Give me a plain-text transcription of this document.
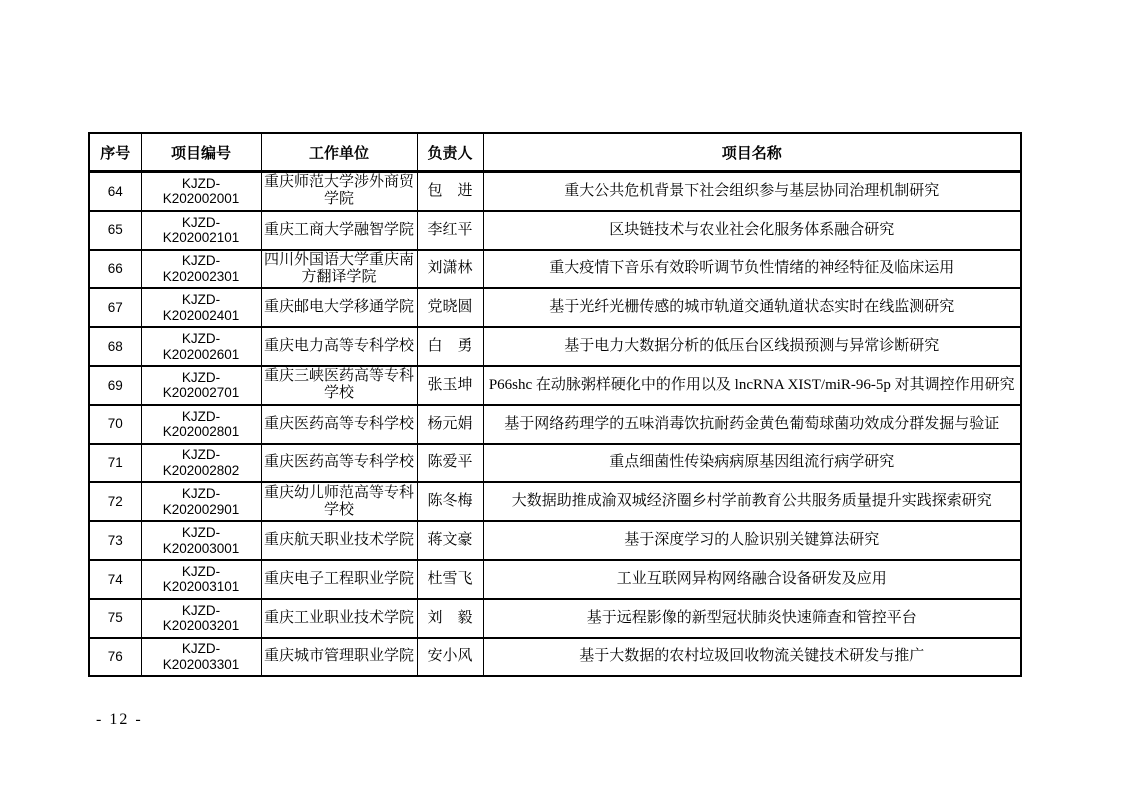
序号	项目编号	工作单位	负责人	项目名称
64	KJZD-K202002001	重庆师范大学涉外商贸学院	包　进	重大公共危机背景下社会组织参与基层协同治理机制研究
65	KJZD-K202002101	重庆工商大学融智学院	李红平	区块链技术与农业社会化服务体系融合研究
66	KJZD-K202002301	四川外国语大学重庆南方翻译学院	刘潇林	重大疫情下音乐有效聆听调节负性情绪的神经特征及临床运用
67	KJZD-K202002401	重庆邮电大学移通学院	党晓圆	基于光纤光栅传感的城市轨道交通轨道状态实时在线监测研究
68	KJZD-K202002601	重庆电力高等专科学校	白　勇	基于电力大数据分析的低压台区线损预测与异常诊断研究
69	KJZD-K202002701	重庆三峡医药高等专科学校	张玉坤	P66shc 在动脉粥样硬化中的作用以及 lncRNA XIST/miR-96-5p 对其调控作用研究
70	KJZD-K202002801	重庆医药高等专科学校	杨元娟	基于网络药理学的五味消毒饮抗耐药金黄色葡萄球菌功效成分群发掘与验证
71	KJZD-K202002802	重庆医药高等专科学校	陈爱平	重点细菌性传染病病原基因组流行病学研究
72	KJZD-K202002901	重庆幼儿师范高等专科学校	陈冬梅	大数据助推成渝双城经济圈乡村学前教育公共服务质量提升实践探索研究
73	KJZD-K202003001	重庆航天职业技术学院	蒋文豪	基于深度学习的人脸识别关键算法研究
74	KJZD-K202003101	重庆电子工程职业学院	杜雪飞	工业互联网异构网络融合设备研发及应用
75	KJZD-K202003201	重庆工业职业技术学院	刘　毅	基于远程影像的新型冠状肺炎快速筛查和管控平台
76	KJZD-K202003301	重庆城市管理职业学院	安小风	基于大数据的农村垃圾回收物流关键技术研发与推广
- 12 -
